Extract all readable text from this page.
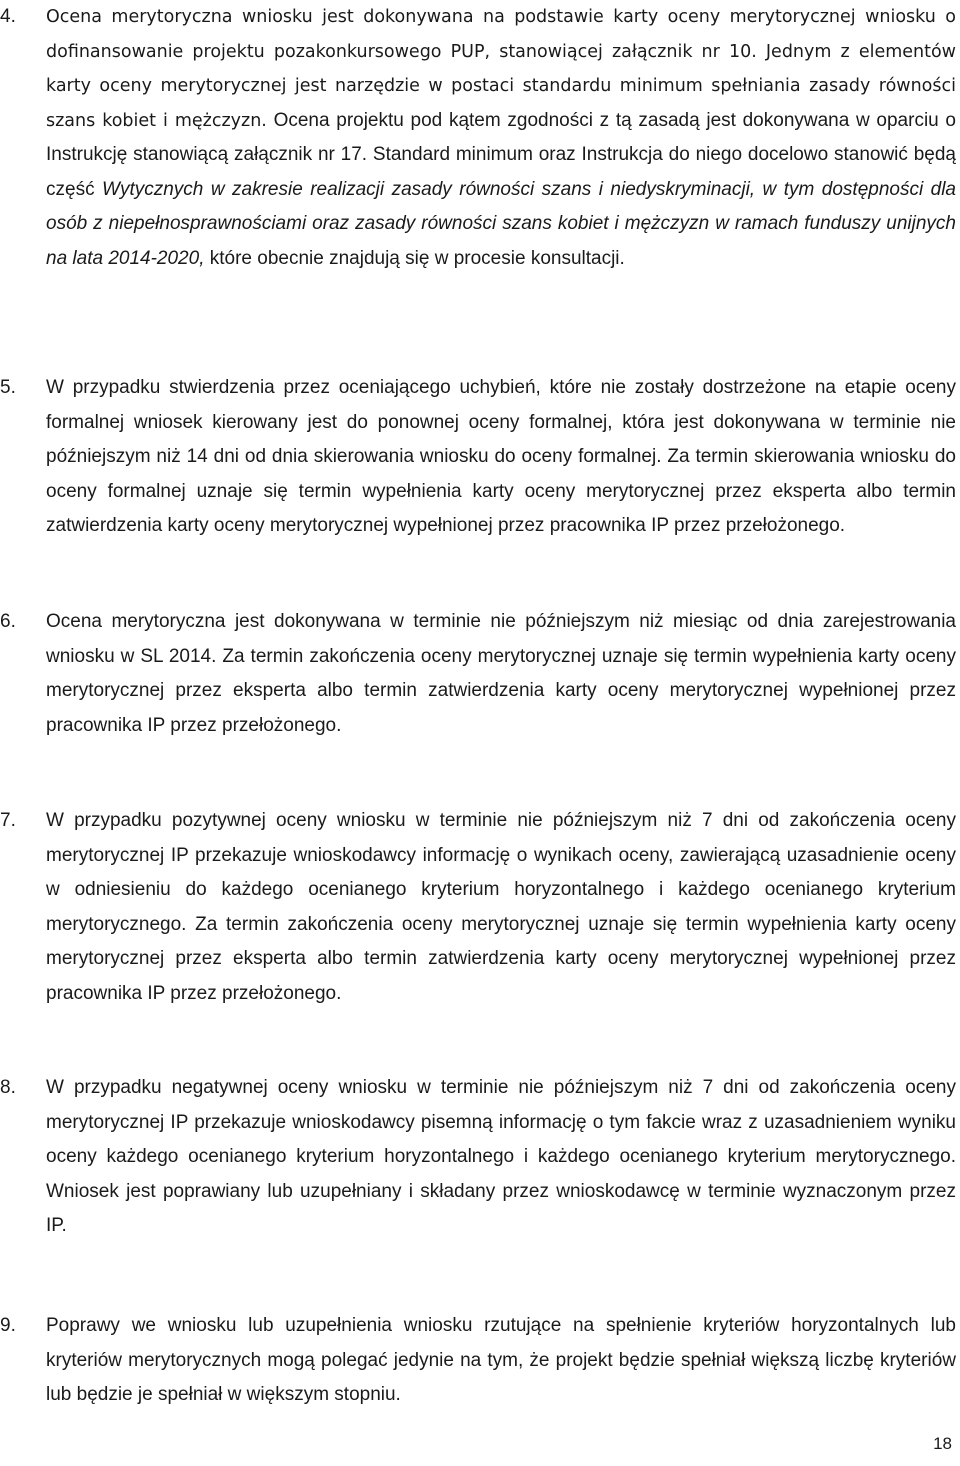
4. Ocena merytoryczna wniosku jest dokonywana na podstawie karty oceny merytorycznej wniosku o dofinansowanie projektu pozakonkursowego PUP, stanowiącej załącznik nr 10. Jednym z elementów karty oceny merytorycznej jest narzędzie w postaci standardu minimum spełniania zasady równości szans kobiet i mężczyzn. Ocena projektu pod kątem zgodności z tą zasadą jest dokonywana w oparciu o Instrukcję stanowiącą załącznik nr 17. Standard minimum oraz Instrukcja do niego docelowo stanowić będą część Wytycznych w zakresie realizacji zasady równości szans i niedyskryminacji, w tym dostępności dla osób z niepełnosprawnościami oraz zasady równości szans kobiet i mężczyzn w ramach funduszy unijnych na lata 2014-2020, które obecnie znajdują się w procesie konsultacji.
5. W przypadku stwierdzenia przez oceniającego uchybień, które nie zostały dostrzeżone na etapie oceny formalnej wniosek kierowany jest do ponownej oceny formalnej, która jest dokonywana w terminie nie późniejszym niż 14 dni od dnia skierowania wniosku do oceny formalnej. Za termin skierowania wniosku do oceny formalnej uznaje się termin wypełnienia karty oceny merytorycznej przez eksperta albo termin zatwierdzenia karty oceny merytorycznej wypełnionej przez pracownika IP przez przełożonego.
6. Ocena merytoryczna jest dokonywana w terminie nie późniejszym niż miesiąc od dnia zarejestrowania wniosku w SL 2014. Za termin zakończenia oceny merytorycznej uznaje się termin wypełnienia karty oceny merytorycznej przez eksperta albo termin zatwierdzenia karty oceny merytorycznej wypełnionej przez pracownika IP przez przełożonego.
7. W przypadku pozytywnej oceny wniosku w terminie nie późniejszym niż 7 dni od zakończenia oceny merytorycznej IP przekazuje wnioskodawcy informację o wynikach oceny, zawierającą uzasadnienie oceny w odniesieniu do każdego ocenianego kryterium horyzontalnego i każdego ocenianego kryterium merytorycznego. Za termin zakończenia oceny merytorycznej uznaje się termin wypełnienia karty oceny merytorycznej przez eksperta albo termin zatwierdzenia karty oceny merytorycznej wypełnionej przez pracownika IP przez przełożonego.
8. W przypadku negatywnej oceny wniosku w terminie nie późniejszym niż 7 dni od zakończenia oceny merytorycznej IP przekazuje wnioskodawcy pisemną informację o tym fakcie wraz z uzasadnieniem wyniku oceny każdego ocenianego kryterium horyzontalnego i każdego ocenianego kryterium merytorycznego. Wniosek jest poprawiany lub uzupełniany i składany przez wnioskodawcę w terminie wyznaczonym przez IP.
9. Poprawy we wniosku lub uzupełnienia wniosku rzutujące na spełnienie kryteriów horyzontalnych lub kryteriów merytorycznych mogą polegać jedynie na tym, że projekt będzie spełniał większą liczbę kryteriów lub będzie je spełniał w większym stopniu.
18
